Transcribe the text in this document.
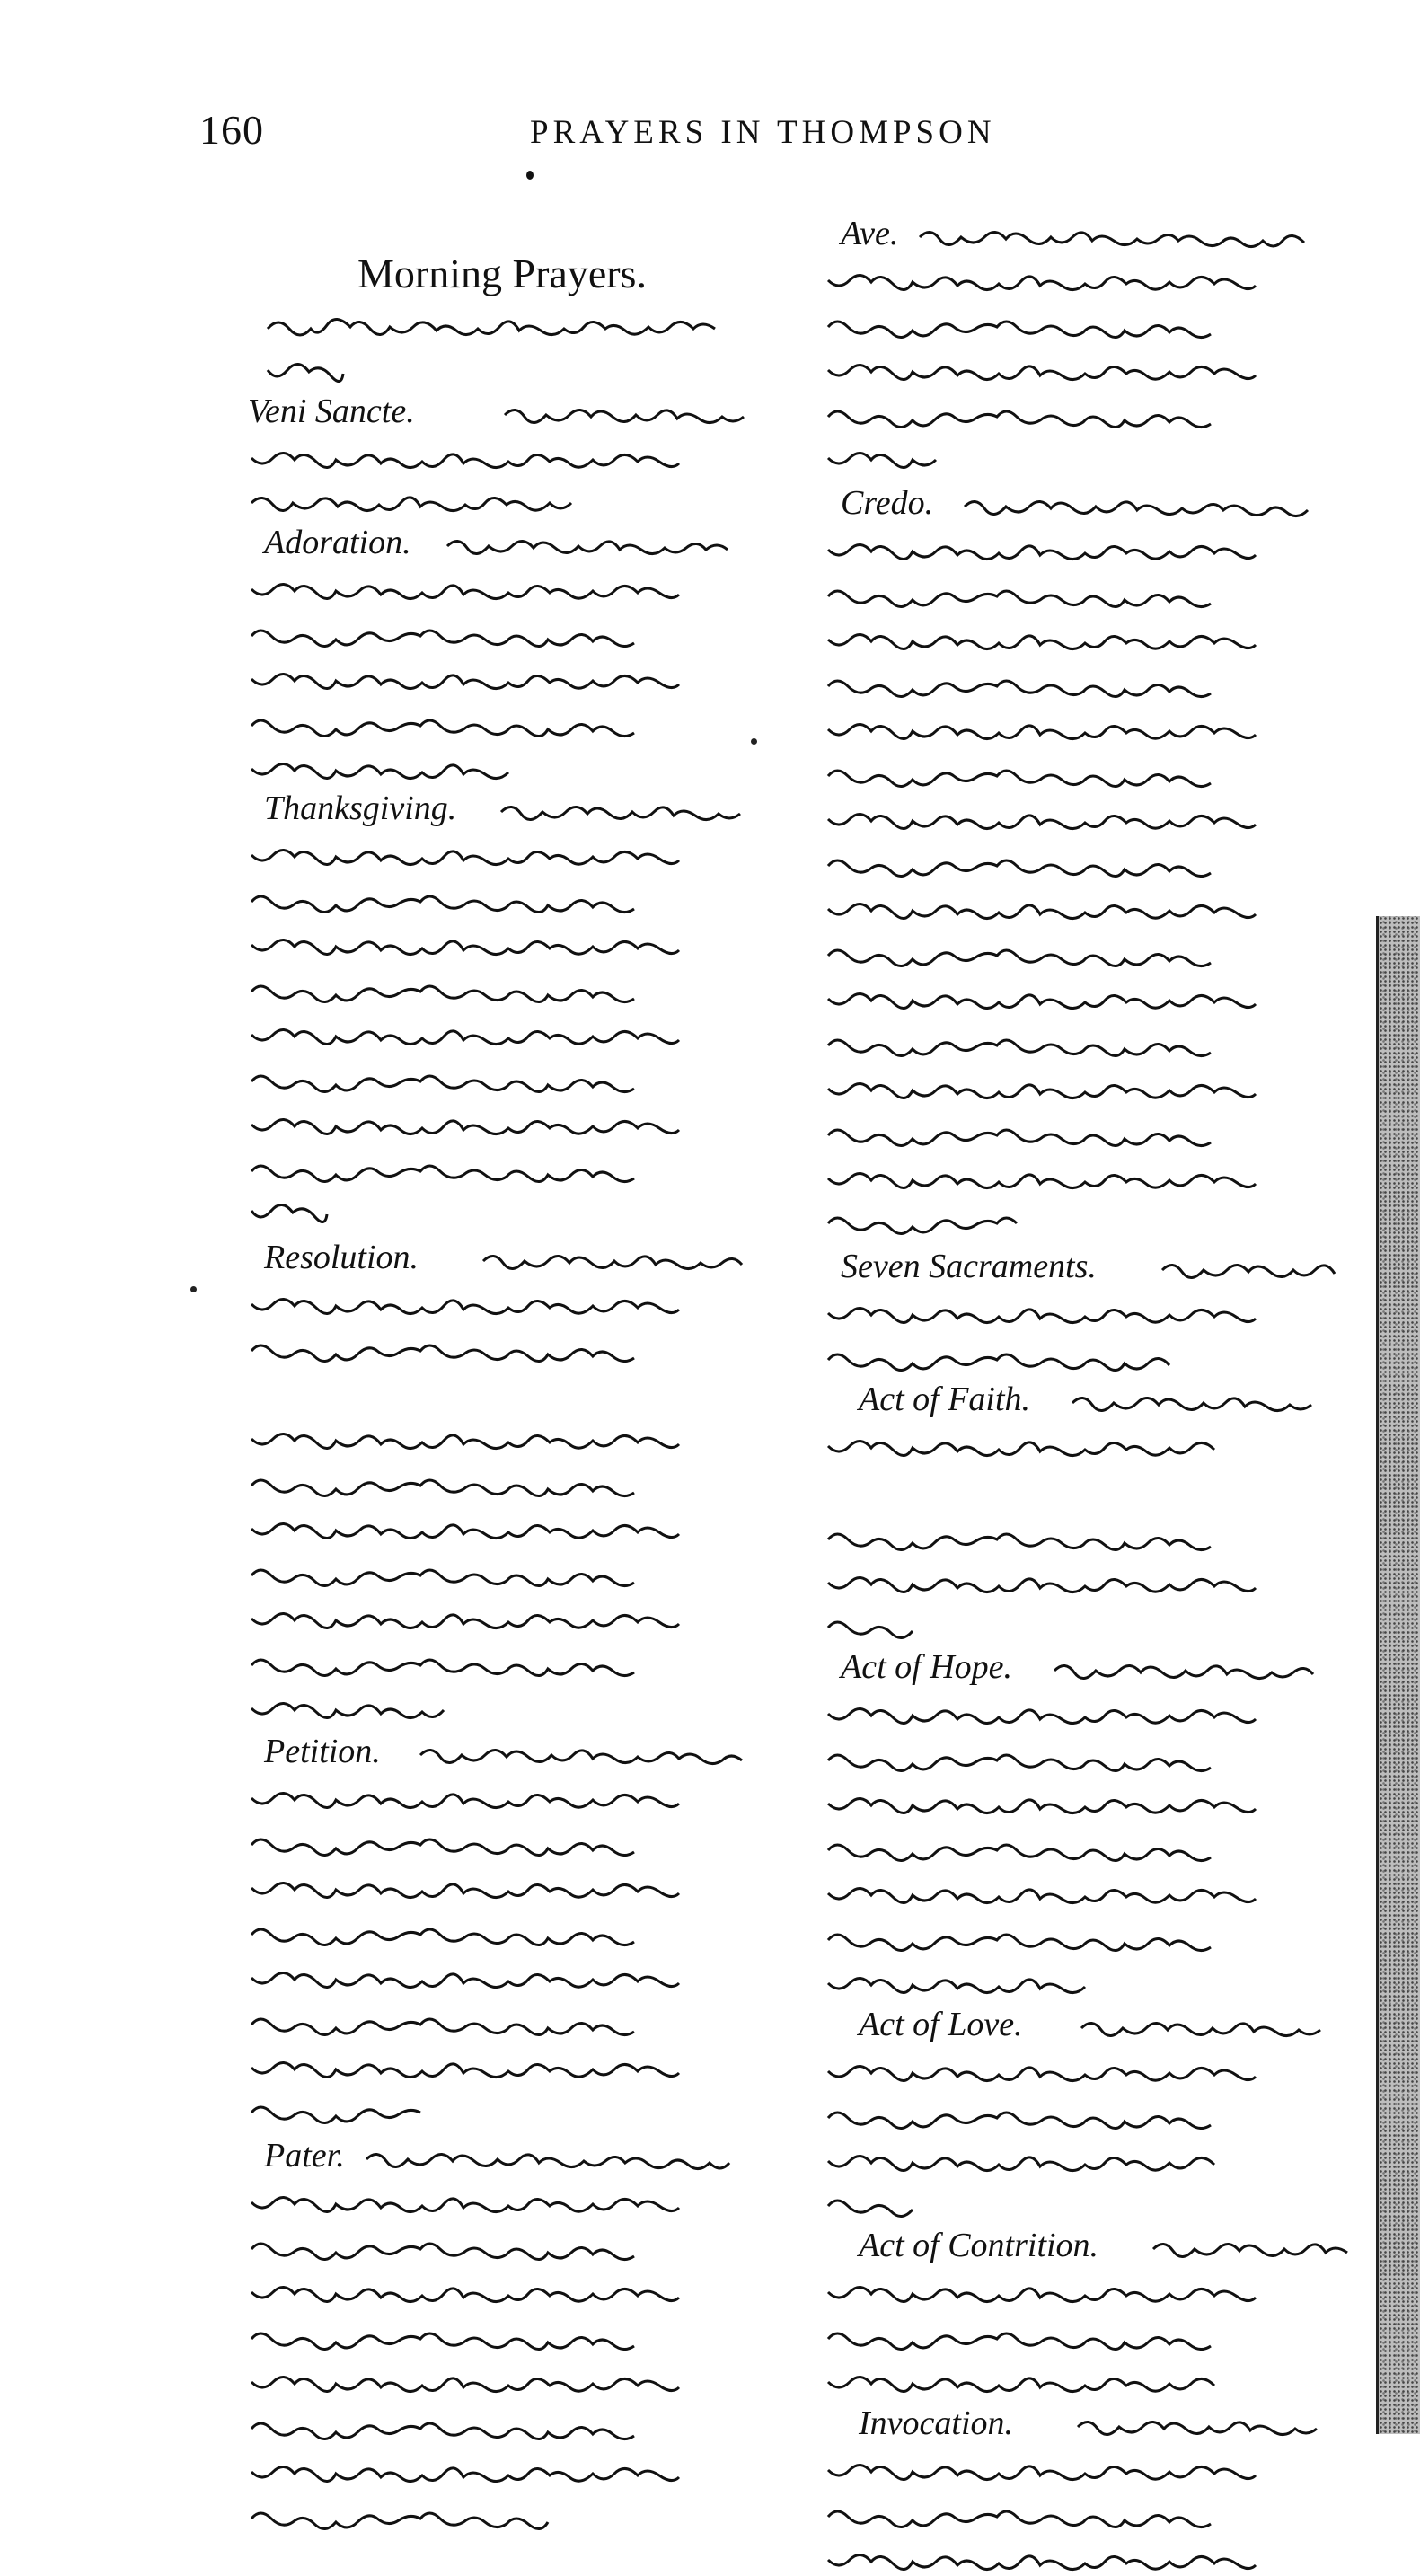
160	PRAYERS IN THOMPSON
Morning Prayers.
Veni Sancte.
Adoration.
Thanksgiving.
Resolution.
Petition.
Pater.
Ave.
Credo.
Seven Sacraments.
Act of Faith.
Act of Hope.
Act of Love.
Act of Contrition.
Invocation.
